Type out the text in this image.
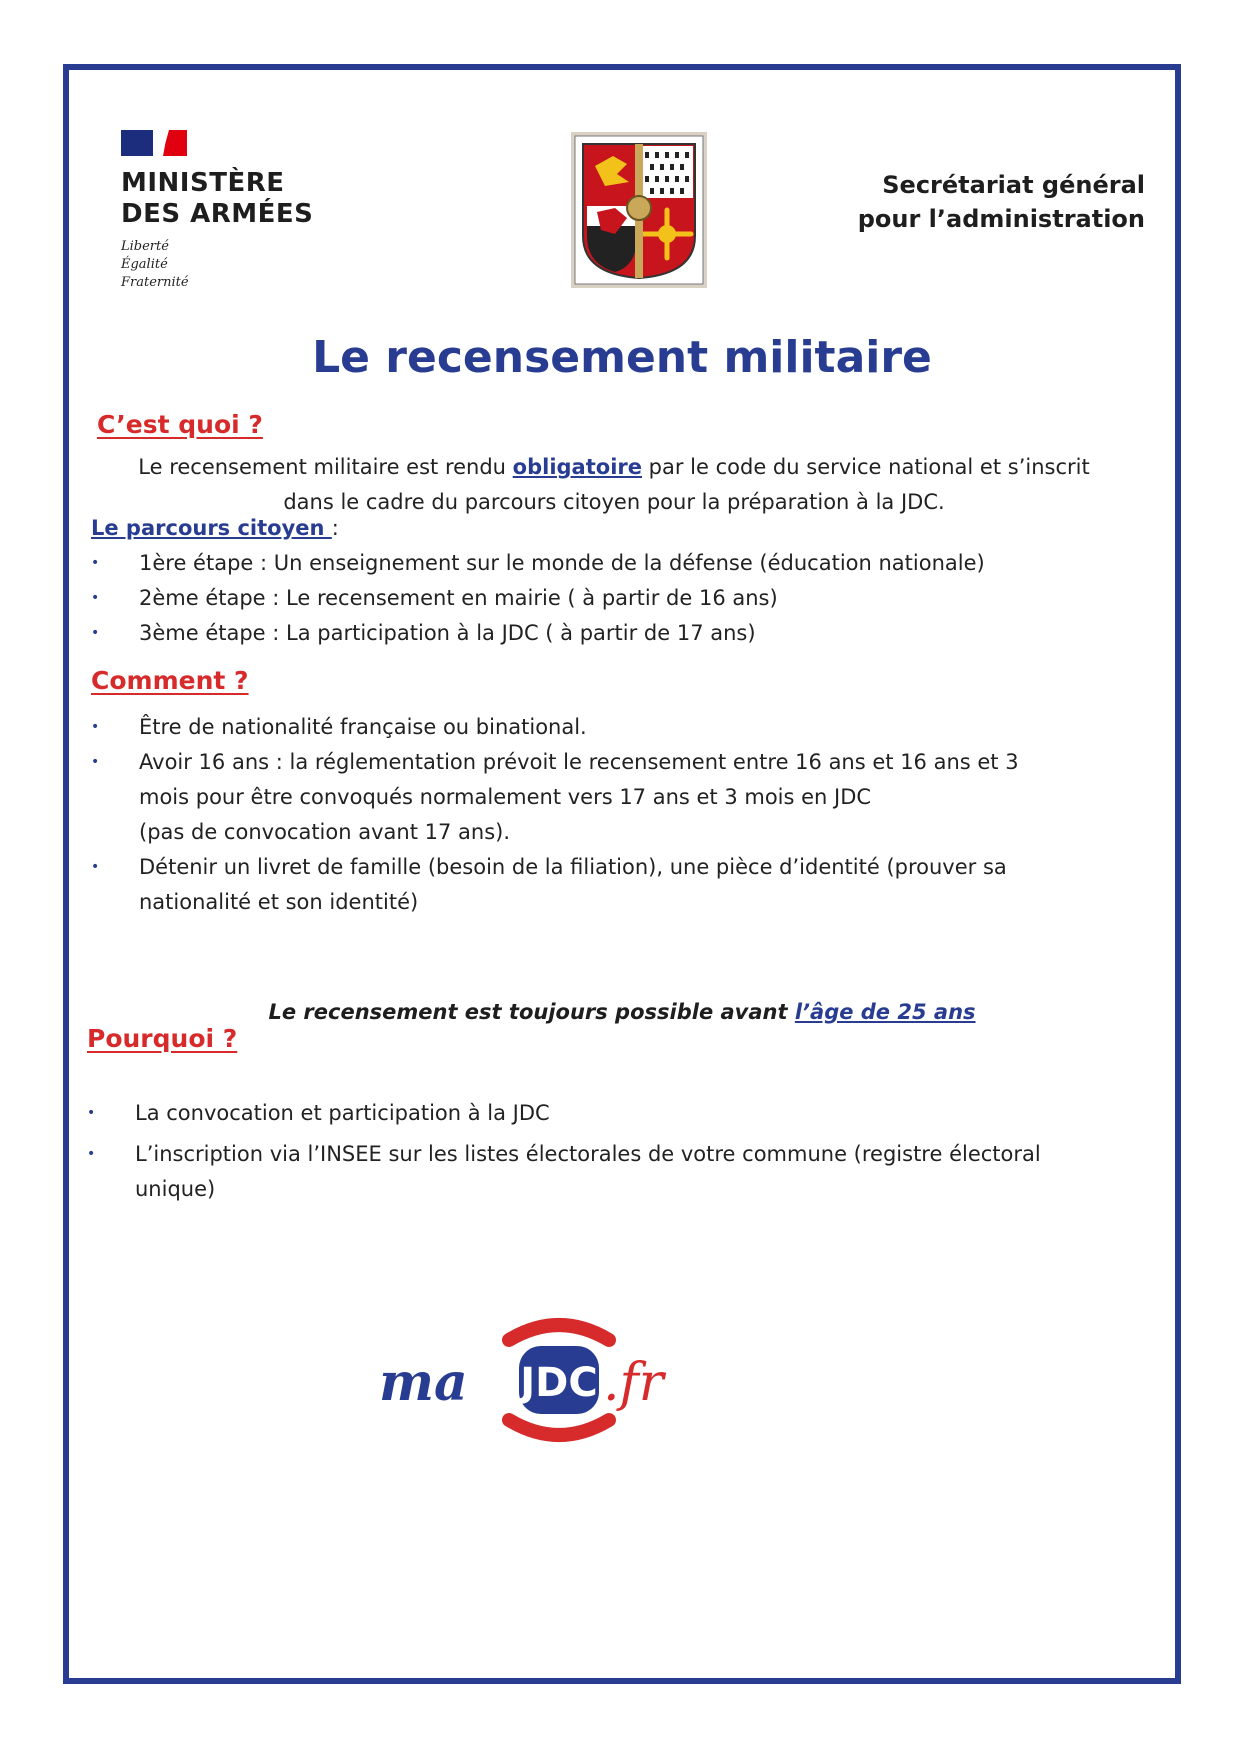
MINISTÈRE
DES ARMÉES
Liberté
Égalité
Fraternité
Secrétariat général
pour l’administration
Le recensement militaire
C’est quoi ?
Le recensement militaire est rendu obligatoire par le code du service national et s’inscrit
dans le cadre du parcours citoyen pour la préparation à la JDC.
Le parcours citoyen :
• 1ère étape : Un enseignement sur le monde de la défense (éducation nationale)
• 2ème étape : Le recensement en mairie ( à partir de 16 ans)
• 3ème étape : La participation à la JDC ( à partir de 17 ans)
Comment ?
• Être de nationalité française ou binational.
• Avoir 16 ans : la réglementation prévoit le recensement entre 16 ans et 16 ans et 3
mois pour être convoqués normalement vers 17 ans et 3 mois en JDC
(pas de convocation avant 17 ans).
• Détenir un livret de famille (besoin de la filiation), une pièce d’identité (prouver sa
nationalité et son identité)
Le recensement est toujours possible avant l’âge de 25 ans
Pourquoi ?
• La convocation et participation à la JDC
• L’inscription via l’INSEE sur les listes électorales de votre commune (registre électoral
unique)
JDC
ma	.fr
